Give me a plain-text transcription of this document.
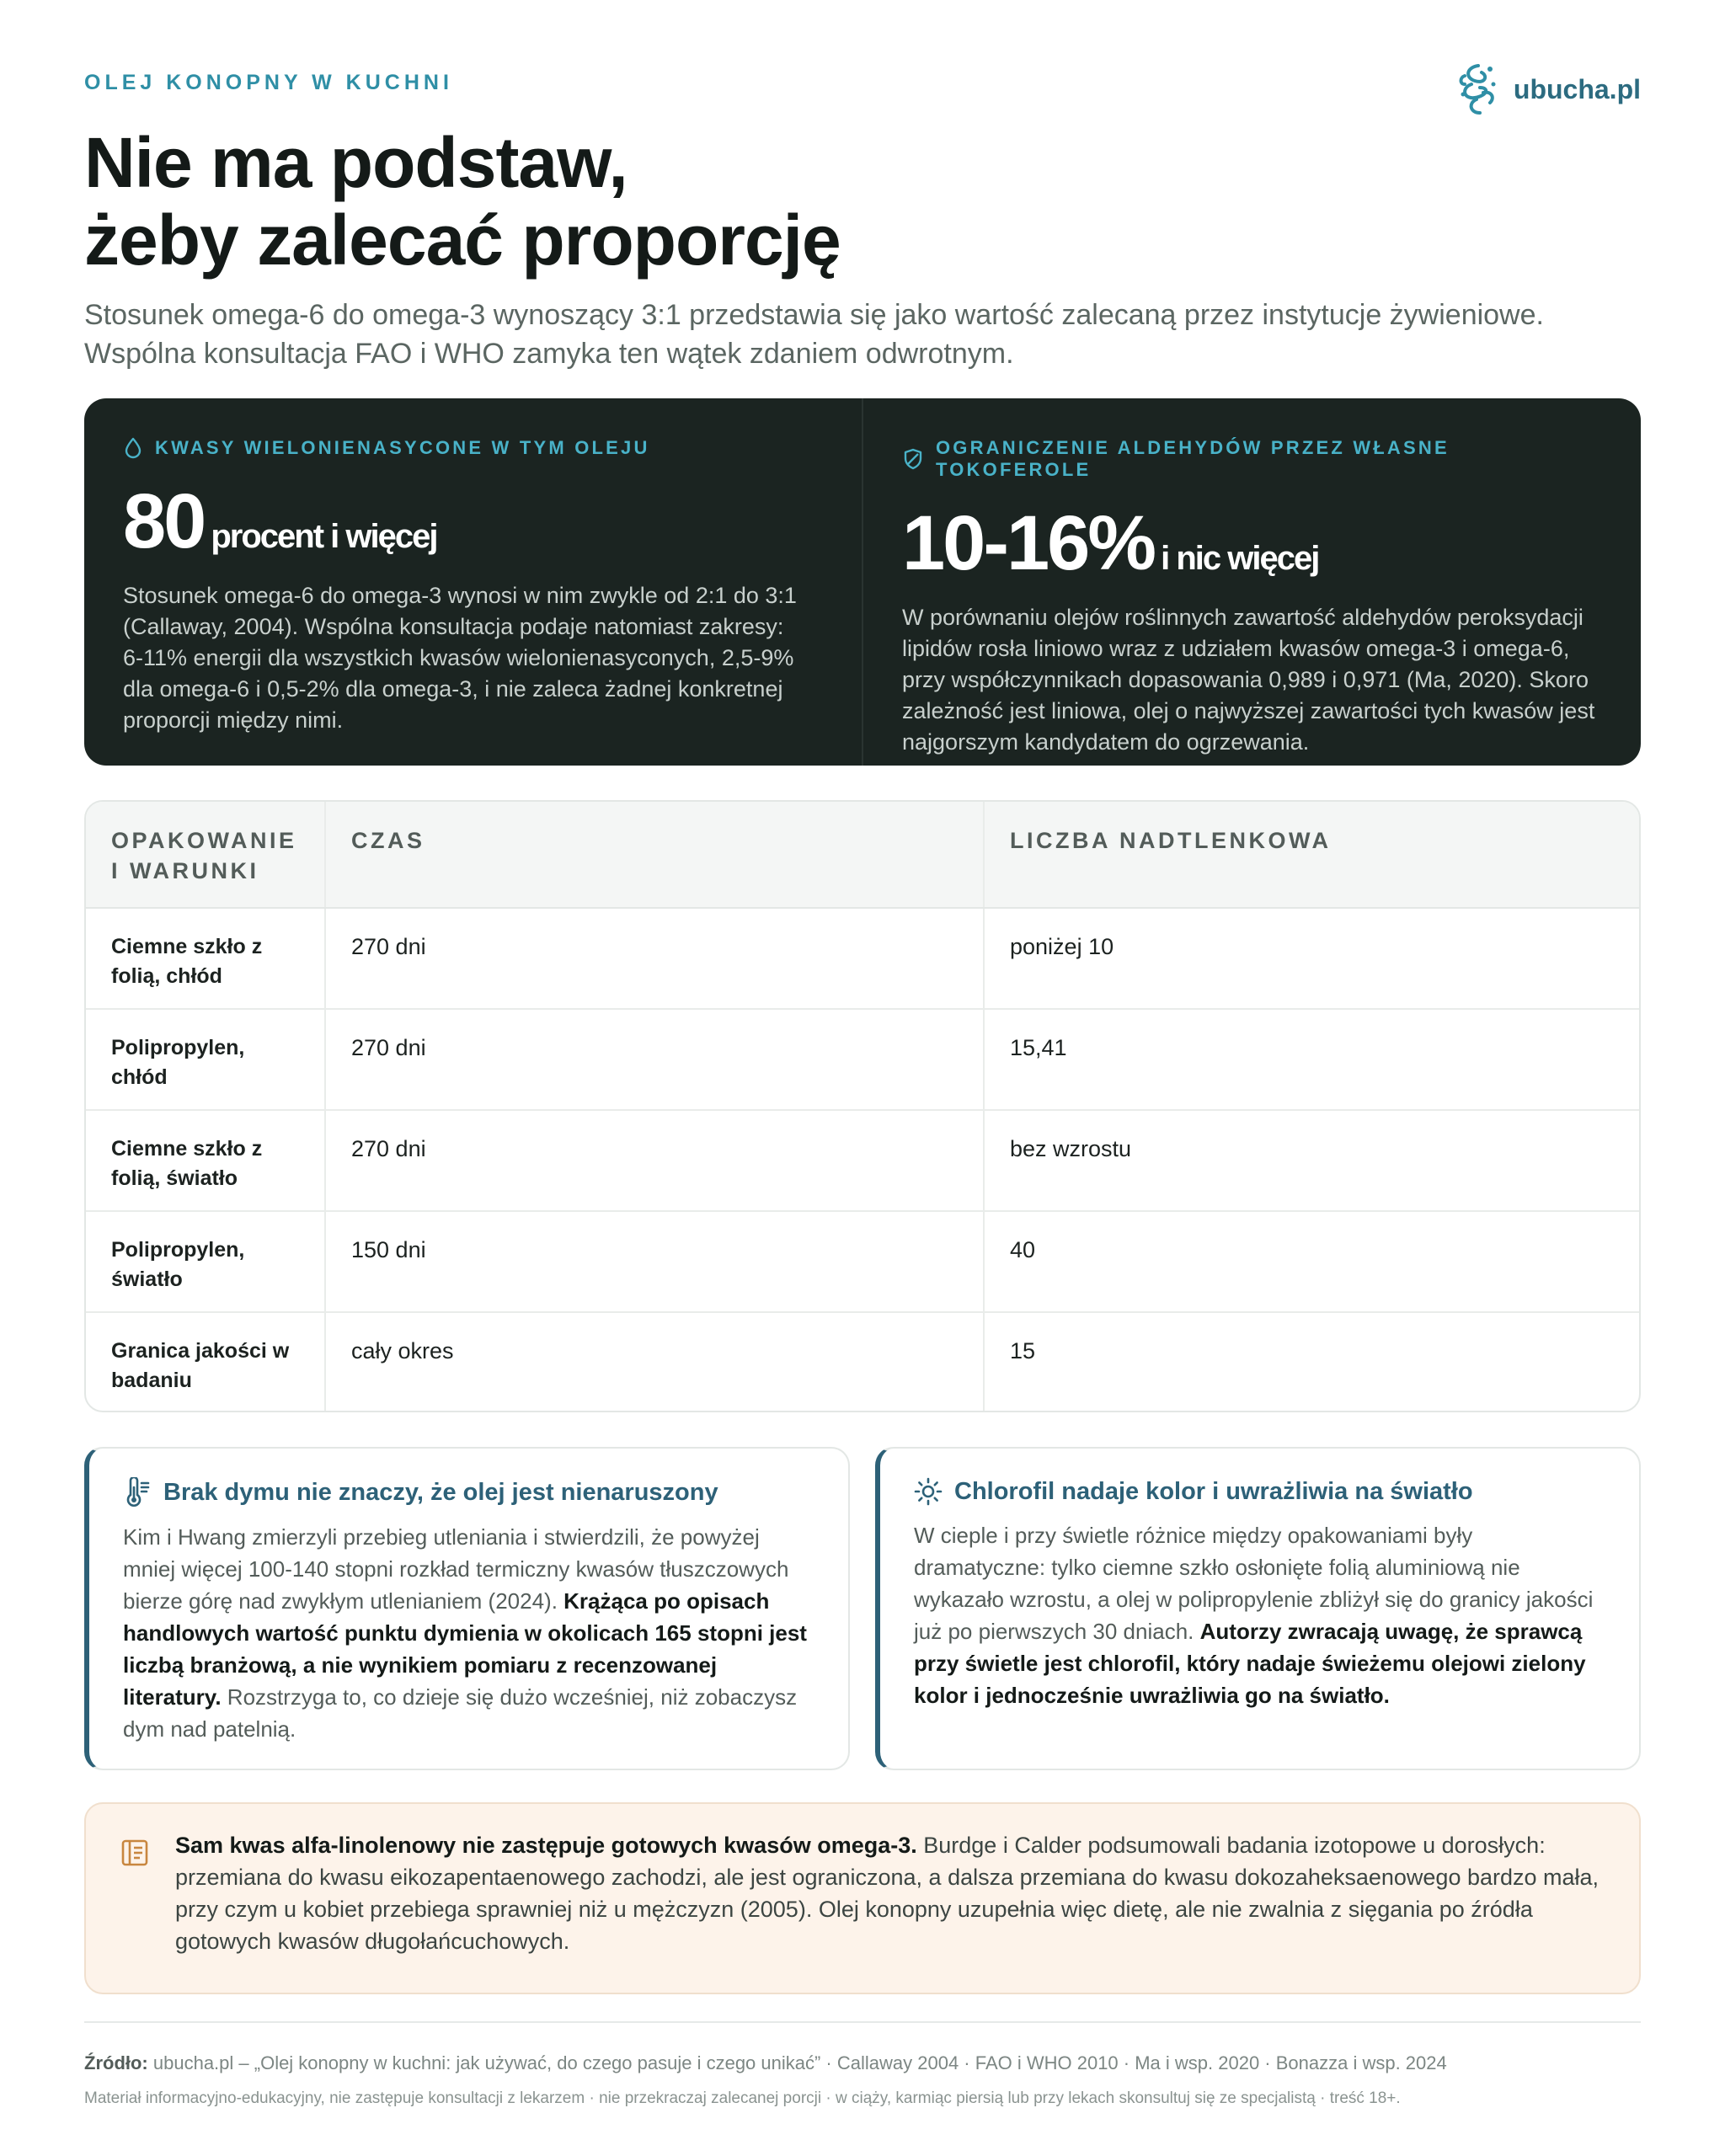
OLEJ KONOPNY W KUCHNI	ubucha.pl
Nie ma podstaw,
żeby zalecać proporcję

Stosunek omega‑6 do omega‑3 wynoszący 3:1 przedstawia się jako wartość zalecaną przez instytucje żywieniowe. Wspólna konsultacja FAO i WHO zamyka ten wątek zdaniem odwrotnym.

KWASY WIELONIENASYCONE W TYM OLEJU
80 procent i więcej

Stosunek omega‑6 do omega‑3 wynosi w nim zwykle od 2:1 do 3:1 (Callaway, 2004). Wspólna konsultacja podaje natomiast zakresy: 6‑11% energii dla wszystkich kwasów wielonienasyconych, 2,5‑9% dla omega‑6 i 0,5‑2% dla omega‑3, i nie zaleca żadnej konkretnej proporcji między nimi.

OGRANICZENIE ALDEHYDÓW PRZEZ WŁASNE TOKOFEROLE
10‑16% i nic więcej

W porównaniu olejów roślinnych zawartość aldehydów peroksydacji lipidów rosła liniowo wraz z udziałem kwasów omega‑3 i omega‑6, przy współczynnikach dopasowania 0,989 i 0,971 (Ma, 2020). Skoro zależność jest liniowa, olej o najwyższej zawartości tych kwasów jest najgorszym kandydatem do ogrzewania.

OPAKOWANIE I WARUNKI	CZAS	LICZBA NADTLENKOWA
Ciemne szkło z folią, chłód	270 dni	poniżej 10
Polipropylen, chłód	270 dni	15,41
Ciemne szkło z folią, światło	270 dni	bez wzrostu
Polipropylen, światło	150 dni	40
Granica jakości w badaniu	cały okres	15
Brak dymu nie znaczy, że olej jest nienaruszony

Kim i Hwang zmierzyli przebieg utleniania i stwierdzili, że powyżej mniej więcej 100‑140 stopni rozkład termiczny kwasów tłuszczowych bierze górę nad zwykłym utlenianiem (2024). Krążąca po opisach handlowych wartość punktu dymienia w okolicach 165 stopni jest liczbą branżową, a nie wynikiem pomiaru z recenzowanej literatury. Rozstrzyga to, co dzieje się dużo wcześniej, niż zobaczysz dym nad patelnią.

Chlorofil nadaje kolor i uwrażliwia na światło

W cieple i przy świetle różnice między opakowaniami były dramatyczne: tylko ciemne szkło osłonięte folią aluminiową nie wykazało wzrostu, a olej w polipropylenie zbliżył się do granicy jakości już po pierwszych 30 dniach. Autorzy zwracają uwagę, że sprawcą przy świetle jest chlorofil, który nadaje świeżemu olejowi zielony kolor i jednocześnie uwrażliwia go na światło.

Sam kwas alfa‑linolenowy nie zastępuje gotowych kwasów omega‑3. Burdge i Calder podsumowali badania izotopowe u dorosłych: przemiana do kwasu eikozapentaenowego zachodzi, ale jest ograniczona, a dalsza przemiana do kwasu dokozaheksaenowego bardzo mała, przy czym u kobiet przebiega sprawniej niż u mężczyzn (2005). Olej konopny uzupełnia więc dietę, ale nie zwalnia z sięgania po źródła gotowych kwasów długołańcuchowych.

Źródło: ubucha.pl – „Olej konopny w kuchni: jak używać, do czego pasuje i czego unikać” · Callaway 2004 · FAO i WHO 2010 · Ma i wsp. 2020 · Bonazza i wsp. 2024

Materiał informacyjno‑edukacyjny, nie zastępuje konsultacji z lekarzem · nie przekraczaj zalecanej porcji · w ciąży, karmiąc piersią lub przy lekach skonsultuj się ze specjalistą · treść 18+.
